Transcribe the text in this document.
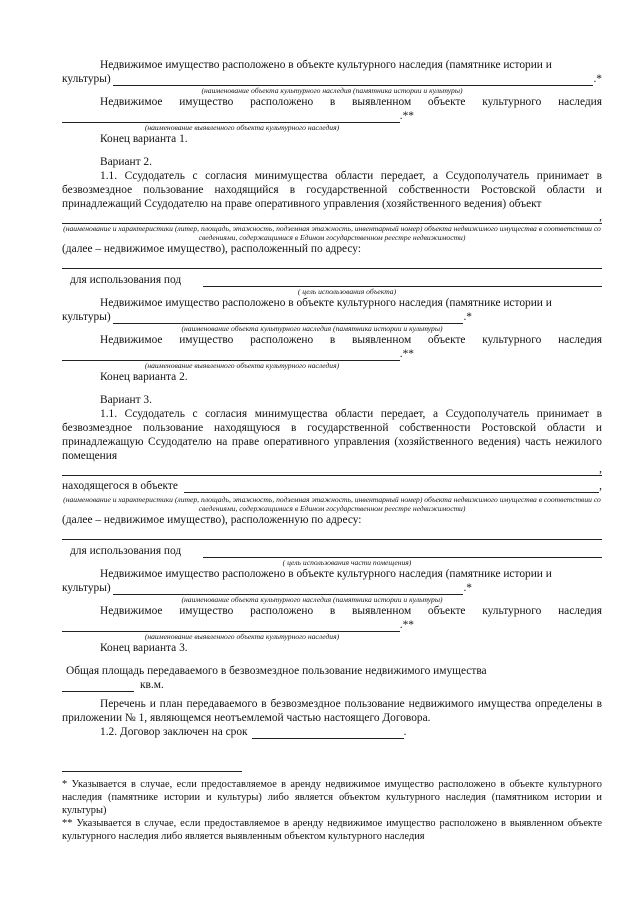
Недвижимое имущество расположено в объекте культурного наследия (памятнике истории и
культуры)	.*
(наименование объекта культурного наследия (памятника истории и культуры)
Недвижимое имущество расположено в выявленном объекте культурного наследия
.**
(наименование выявленного объекта культурного наследия)
Конец варианта 1.
Вариант 2.
1.1. Ссудодатель с согласия минимущества области передает, а Ссудополучатель принимает в безвозмездное пользование находящийся в государственной собственности Ростовской области и принадлежащий Ссудодателю на праве оперативного управления (хозяйственного ведения) объект
,
(наименование и характеристики (литер, площадь, этажность, подземная этажность, инвентарный номер) объекта недвижимого имущества в соответствии со сведениями, содержащимися в Едином государственном реестре недвижимости)
(далее – недвижимое имущество), расположенный по адресу:
для использования под
( цель использования объекта)
Недвижимое имущество расположено в объекте культурного наследия (памятнике истории и
культуры)	.*
(наименование объекта культурного наследия (памятника истории и культуры)
Недвижимое имущество расположено в выявленном объекте культурного наследия
.**
(наименование выявленного объекта культурного наследия)
Конец варианта 2.
Вариант 3.
1.1. Ссудодатель с согласия минимущества области передает, а Ссудополучатель принимает в безвозмездное пользование находящуюся в государственной собственности Ростовской области и принадлежащую Ссудодателю на праве оперативного управления (хозяйственного ведения) часть нежилого помещения
,
находящегося в объекте	,
(наименование и характеристики (литер, площадь, этажность, подземная этажность, инвентарный номер) объекта недвижимого имущества в соответствии со сведениями, содержащимися в Едином государственном реестре недвижимости)
(далее – недвижимое имущество), расположенную по адресу:
для использования под
( цель использования части помещения)
Недвижимое имущество расположено в объекте культурного наследия (памятнике истории и
культуры)	.*
(наименование объекта культурного наследия (памятника истории и культуры)
Недвижимое имущество расположено в выявленном объекте культурного наследия
.**
(наименование выявленного объекта культурного наследия)
Конец варианта 3.
Общая площадь передаваемого в безвозмездное пользование недвижимого имущества
кв.м.
Перечень и план передаваемого в безвозмездное пользование недвижимого имущества определены в приложении № 1, являющемся неотъемлемой частью настоящего Договора.
1.2. Договор заключен на срок	.
* Указывается в случае, если предоставляемое в аренду недвижимое имущество расположено в объекте культурного наследия (памятнике истории и культуры) либо является объектом культурного наследия (памятником истории и культуры)
** Указывается в случае, если предоставляемое в аренду недвижимое имущество расположено в выявленном объекте культурного наследия либо является выявленным объектом культурного наследия
